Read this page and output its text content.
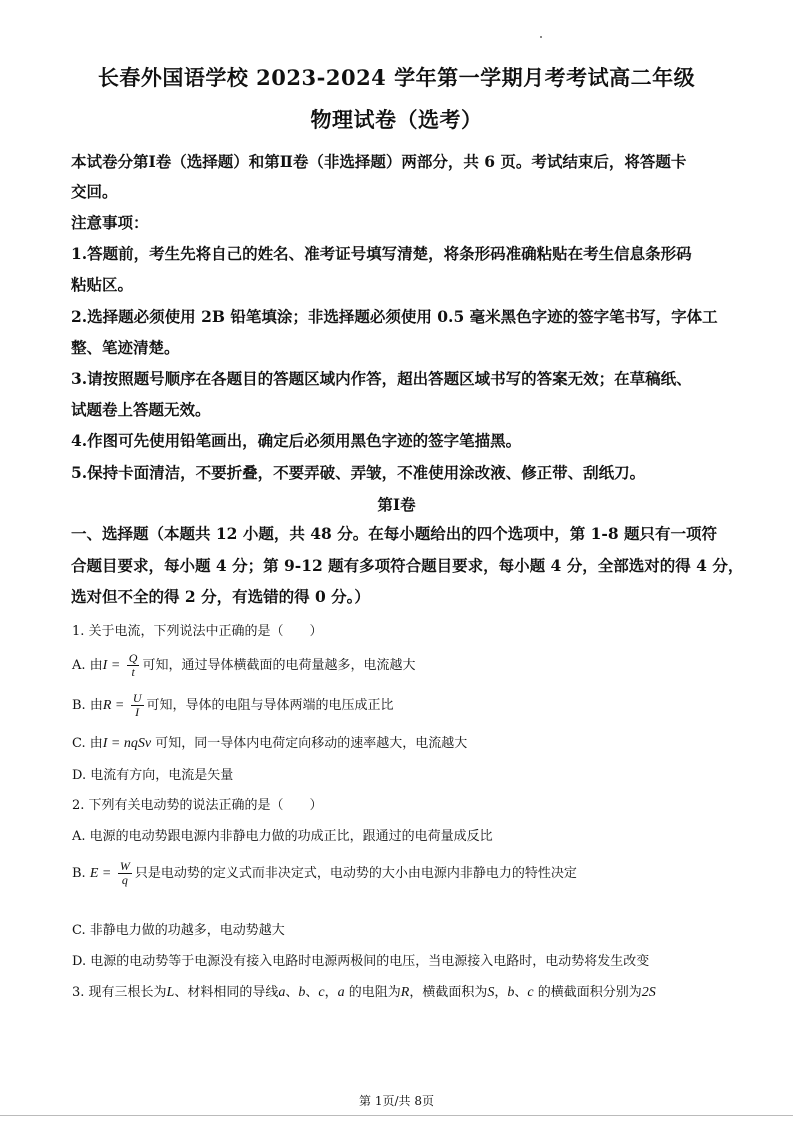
长春外国语学校 2023-2024 学年第一学期月考考试高二年级
物理试卷（选考）
本试卷分第Ⅰ卷（选择题）和第Ⅱ卷（非选择题）两部分，共 6 页。考试结束后，将答题卡
交回。
注意事项：
1.答题前，考生先将自己的姓名、准考证号填写清楚，将条形码准确粘贴在考生信息条形码
粘贴区。
2.选择题必须使用 2B 铅笔填涂；非选择题必须使用 0.5 毫米黑色字迹的签字笔书写，字体工
整、笔迹清楚。
3.请按照题号顺序在各题目的答题区域内作答，超出答题区域书写的答案无效；在草稿纸、
试题卷上答题无效。
4.作图可先使用铅笔画出，确定后必须用黑色字迹的签字笔描黑。
5.保持卡面清洁，不要折叠，不要弄破、弄皱，不准使用涂改液、修正带、刮纸刀。
第Ⅰ卷
一、选择题（本题共 12 小题，共 48 分。在每小题给出的四个选项中，第 1-8 题只有一项符
合题目要求，每小题 4 分；第 9-12 题有多项符合题目要求，每小题 4 分，全部选对的得 4 分，
选对但不全的得 2 分，有选错的得 0 分。）
1. 关于电流，下列说法中正确的是（　　）
A. 由$I = \frac{Q}{t}$ 可知，通过导体横截面的电荷量越多，电流越大
B. 由$R = \frac{U}{I}$ 可知，导体的电阻与导体两端的电压成正比
C. 由I = nqSv 可知，同一导体内电荷定向移动的速率越大，电流越大
D. 电流有方向，电流是矢量
2. 下列有关电动势的说法正确的是（　　）
A. 电源的电动势跟电源内非静电力做的功成正比，跟通过的电荷量成反比
B. $E = \frac{W}{q}$ 只是电动势的定义式而非决定式，电动势的大小由电源内非静电力的特性决定
C. 非静电力做的功越多，电动势越大
D. 电源的电动势等于电源没有接入电路时电源两极间的电压，当电源接入电路时，电动势将发生改变
3. 现有三根长为L、材料相同的导线a、b、c，a 的电阻为R，横截面积为S，b、c 的横截面积分别为2S
第 1页/共 8页
